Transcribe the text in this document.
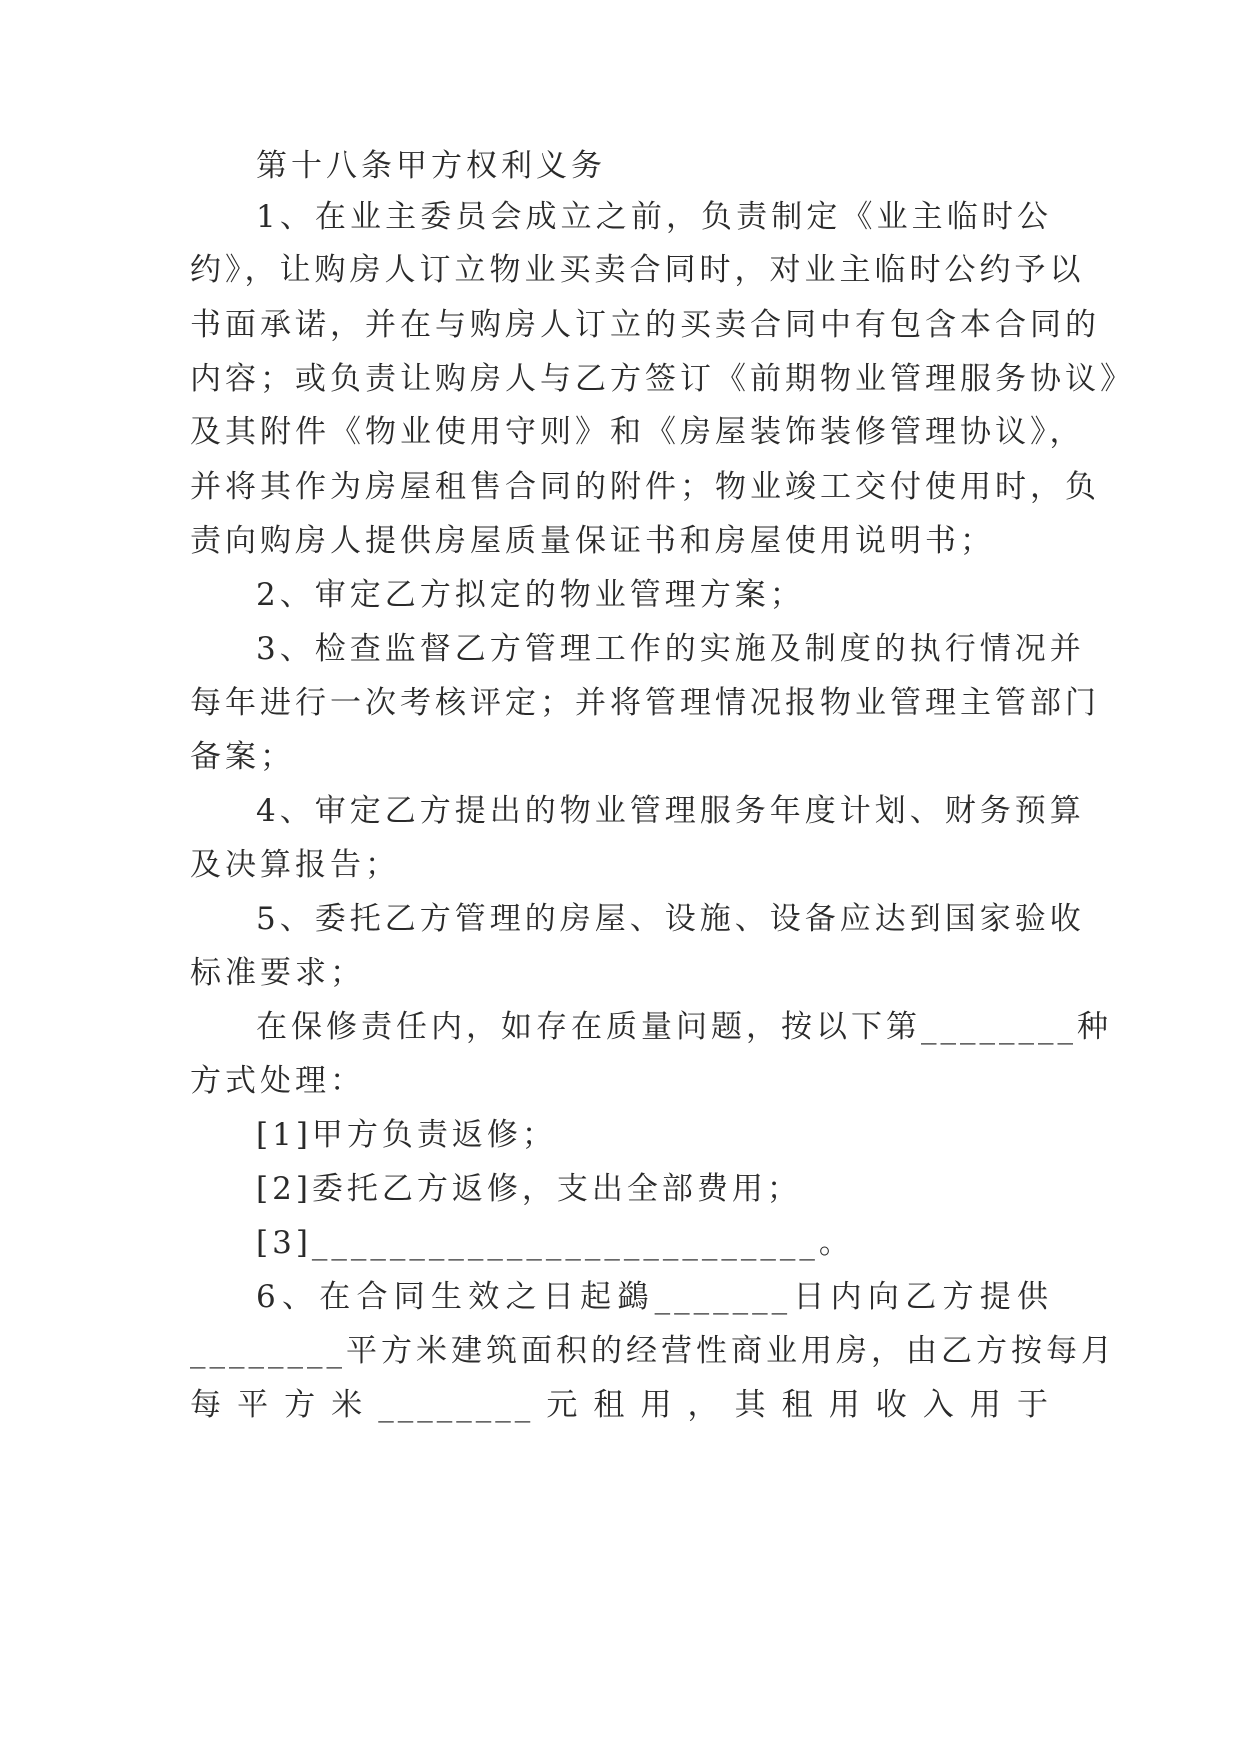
第十八条甲方权利义务
1、在业主委员会成立之前，负责制定《业主临时公
约》，让购房人订立物业买卖合同时，对业主临时公约予以
书面承诺，并在与购房人订立的买卖合同中有包含本合同的
内容；或负责让购房人与乙方签订《前期物业管理服务协议》
及其附件《物业使用守则》和《房屋装饰装修管理协议》，
并将其作为房屋租售合同的附件；物业竣工交付使用时，负
责向购房人提供房屋质量保证书和房屋使用说明书；
2、审定乙方拟定的物业管理方案；
3、检查监督乙方管理工作的实施及制度的执行情况并
每年进行一次考核评定；并将管理情况报物业管理主管部门
备案；
4、审定乙方提出的物业管理服务年度计划、财务预算
及决算报告；
5、委托乙方管理的房屋、设施、设备应达到国家验收
标准要求；
在保修责任内，如存在质量问题，按以下第________种
方式处理：
[1]甲方负责返修；
[2]委托乙方返修，支出全部费用；
[3]__________________________。
6、在合同生效之日起鷁_______日内向乙方提供
________平方米建筑面积的经营性商业用房，由乙方按每月
每平方米________元租用，其租用收入用于
